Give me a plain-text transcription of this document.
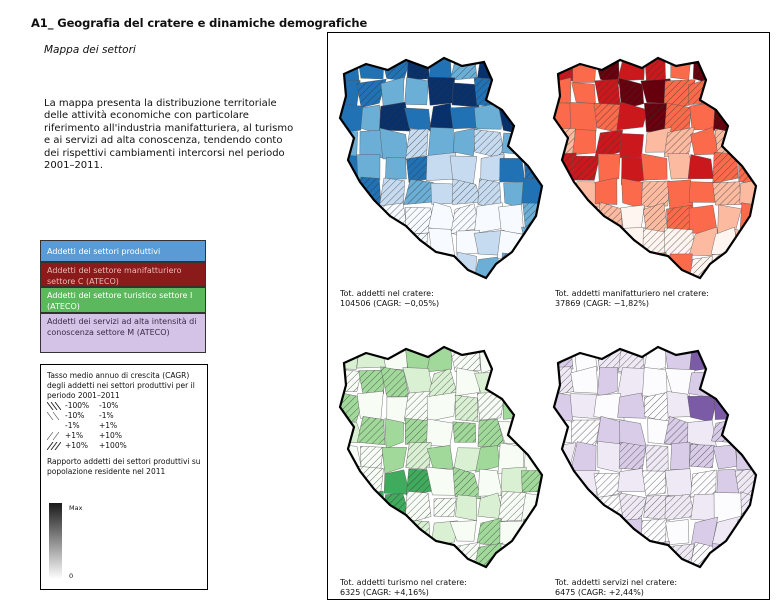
A1_ Geografia del cratere e dinamiche demografiche
Mappa dei settori
La mappa presenta la distribuzione territoriale delle attività economiche con particolare riferimento all'industria manifatturiera, al turismo e ai servizi ad alta conoscenza, tendendo conto dei rispettivi cambiamenti intercorsi nel periodo 2001–2011.
Addetti dei settori produttivi
Addetti del settore manifatturiero settore C (ATECO)
Addetti del settore turistico settore I (ATECO)
Addetti dei servizi ad alta intensità di conoscenza settore M (ATECO)
Tasso medio annuo di crescita (CAGR) degli addetti nei settori produttivi per il periodo 2001–2011
-100%	-10%
-10%	-1%
-1%	+1%
+1%	+10%
+10%	+100%
Rapporto addetti dei settori produttivi su popolazione residente nel 2011
Max
0
Tot. addetti nel cratere:
104506 (CAGR: −0,05%)
Tot. addetti manifatturiero nel cratere:
37869 (CAGR: −1,82%)
Tot. addetti turismo nel cratere:
6325 (CAGR: +4,16%)
Tot. addetti servizi nel cratere:
6475 (CAGR: +2,44%)
